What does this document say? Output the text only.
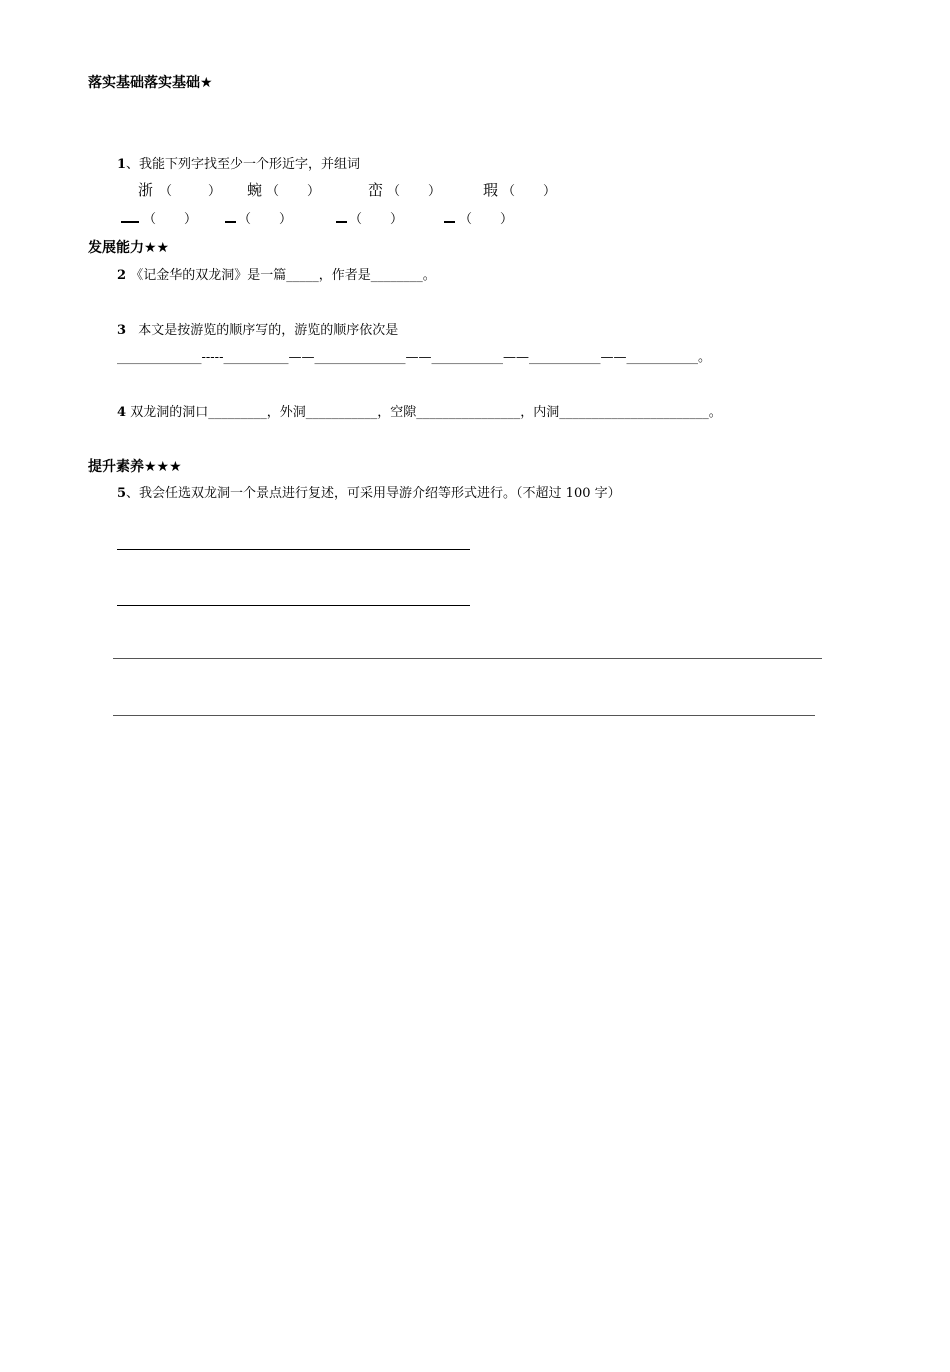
落实基础落实基础★
1、我能下列字找至少一个形近字，并组词
浙 （	） 蜿 （ ）	峦 （ ）	瑕 （ ）
（ ）	（ ）	（ ）	（ ）
发展能力★★
2 《记金华的双龙洞》是一篇_____，作者是________。
3 本文是按游览的顺序写的，游览的顺序依次是
_____________-----__________——______________——___________——___________——___________。
4 双龙洞的洞口_________，外洞___________，空隙________________，内洞_______________________。
提升素养★★★
5、我会任选双龙洞一个景点进行复述，可采用导游介绍等形式进行。（不超过 100 字）
